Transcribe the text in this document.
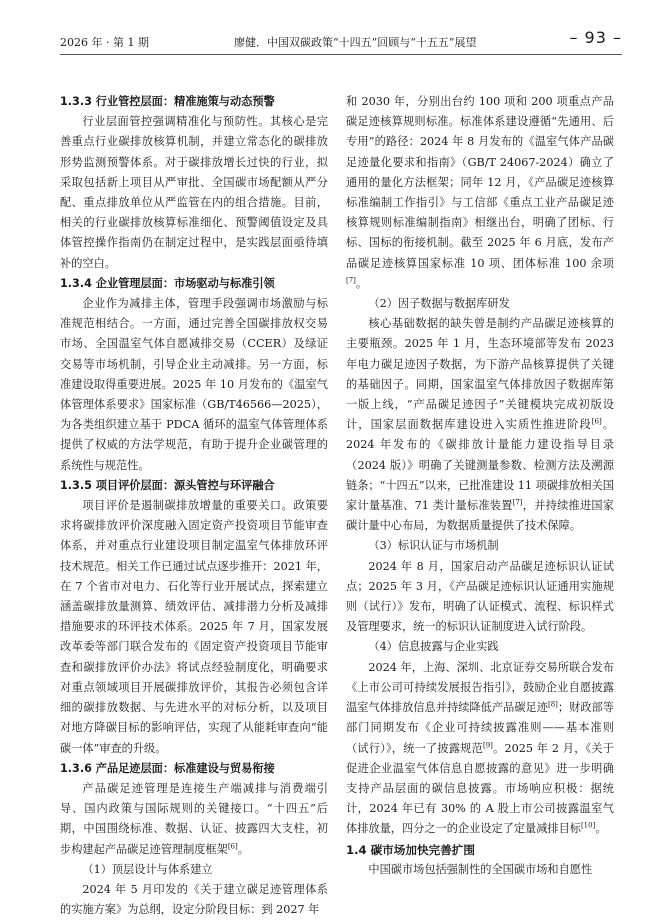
2026 年 · 第 1 期	廖健．中国双碳政策“十四五”回顾与“十五五”展望	– 93 –
1.3.3 行业管控层面：精准施策与动态预警

行业层面管控强调精准化与预防性。其核心是完善重点行业碳排放核算机制，并建立常态化的碳排放形势监测预警体系。对于碳排放增长过快的行业，拟采取包括新上项目从严审批、全国碳市场配额从严分配、重点排放单位从严监管在内的组合措施。目前，相关的行业碳排放核算标准细化、预警阈值设定及具体管控操作指南仍在制定过程中，是实践层面亟待填补的空白。

1.3.4 企业管理层面：市场驱动与标准引领

企业作为减排主体，管理手段强调市场激励与标准规范相结合。一方面，通过完善全国碳排放权交易市场、全国温室气体自愿减排交易（CCER）及绿证交易等市场机制，引导企业主动减排。另一方面，标准建设取得重要进展。2025 年 10 月发布的《温室气体管理体系要求》国家标准（GB/T46566—2025），为各类组织建立基于 PDCA 循环的温室气体管理体系提供了权威的方法学规范，有助于提升企业碳管理的系统性与规范性。

1.3.5 项目评价层面：源头管控与环评融合

项目评价是遏制碳排放增量的重要关口。政策要求将碳排放评价深度融入固定资产投资项目节能审查体系，并对重点行业建设项目制定温室气体排放环评技术规范。相关工作已通过试点逐步推开：2021 年，在 7 个省市对电力、石化等行业开展试点，探索建立涵盖碳排放量测算、绩效评估、减排潜力分析及减排措施要求的环评技术体系。2025 年 7 月，国家发展改革委等部门联合发布的《固定资产投资项目节能审查和碳排放评价办法》将试点经验制度化，明确要求对重点领域项目开展碳排放评价，其报告必须包含详细的碳排放数据、与先进水平的对标分析，以及项目对地方降碳目标的影响评估，实现了从能耗审查向“能碳一体”审查的升级。

1.3.6 产品足迹层面：标准建设与贸易衔接

产品碳足迹管理是连接生产端减排与消费端引导、国内政策与国际规则的关键接口。“十四五”后期，中国围绕标准、数据、认证、披露四大支柱，初步构建起产品碳足迹管理制度框架[6]。

（1）顶层设计与体系建立

2024 年 5 月印发的《关于建立碳足迹管理体系的实施方案》为总纲，设定分阶段目标：到 2027 年

和 2030 年，分别出台约 100 项和 200 项重点产品碳足迹核算规则标准。标准体系建设遵循“先通用、后专用”的路径：2024 年 8 月发布的《温室气体产品碳足迹量化要求和指南》（GB/T 24067-2024）确立了通用的量化方法框架；同年 12 月，《产品碳足迹核算标准编制工作指引》与工信部《重点工业产品碳足迹核算规则标准编制指南》相继出台，明确了团标、行标、国标的衔接机制。截至 2025 年 6 月底，发布产品碳足迹核算国家标准 10 项、团体标准 100 余项[7]。

（2）因子数据与数据库研发

核心基础数据的缺失曾是制约产品碳足迹核算的主要瓶颈。2025 年 1 月，生态环境部等发布 2023 年电力碳足迹因子数据，为下游产品核算提供了关键的基础因子。同期，国家温室气体排放因子数据库第一版上线，“产品碳足迹因子”关键模块完成初版设计，国家层面数据库建设进入实质性推进阶段[6]。2024 年发布的《碳排放计量能力建设指导目录（2024 版）》明确了关键测量参数、检测方法及溯源链条；“十四五”以来，已批准建设 11 项碳排放相关国家计量基准、71 类计量标准装置[7]，并持续推进国家碳计量中心布局，为数据质量提供了技术保障。

（3）标识认证与市场机制

2024 年 8 月，国家启动产品碳足迹标识认证试点；2025 年 3 月，《产品碳足迹标识认证通用实施规则（试行）》发布，明确了认证模式、流程、标识样式及管理要求，统一的标识认证制度进入试行阶段。

（4）信息披露与企业实践

2024 年，上海、深圳、北京证券交易所联合发布《上市公司可持续发展报告指引》，鼓励企业自愿披露温室气体排放信息并持续降低产品碳足迹[8]；财政部等部门同期发布《企业可持续披露准则——基本准则（试行）》，统一了披露规范[9]。2025 年 2 月，《关于促进企业温室气体信息自愿披露的意见》进一步明确支持产品层面的碳信息披露。市场响应积极：据统计，2024 年已有 30% 的 A 股上市公司披露温室气体排放量，四分之一的企业设定了定量减排目标[10]。

1.4 碳市场加快完善扩围

中国碳市场包括强制性的全国碳市场和自愿性
